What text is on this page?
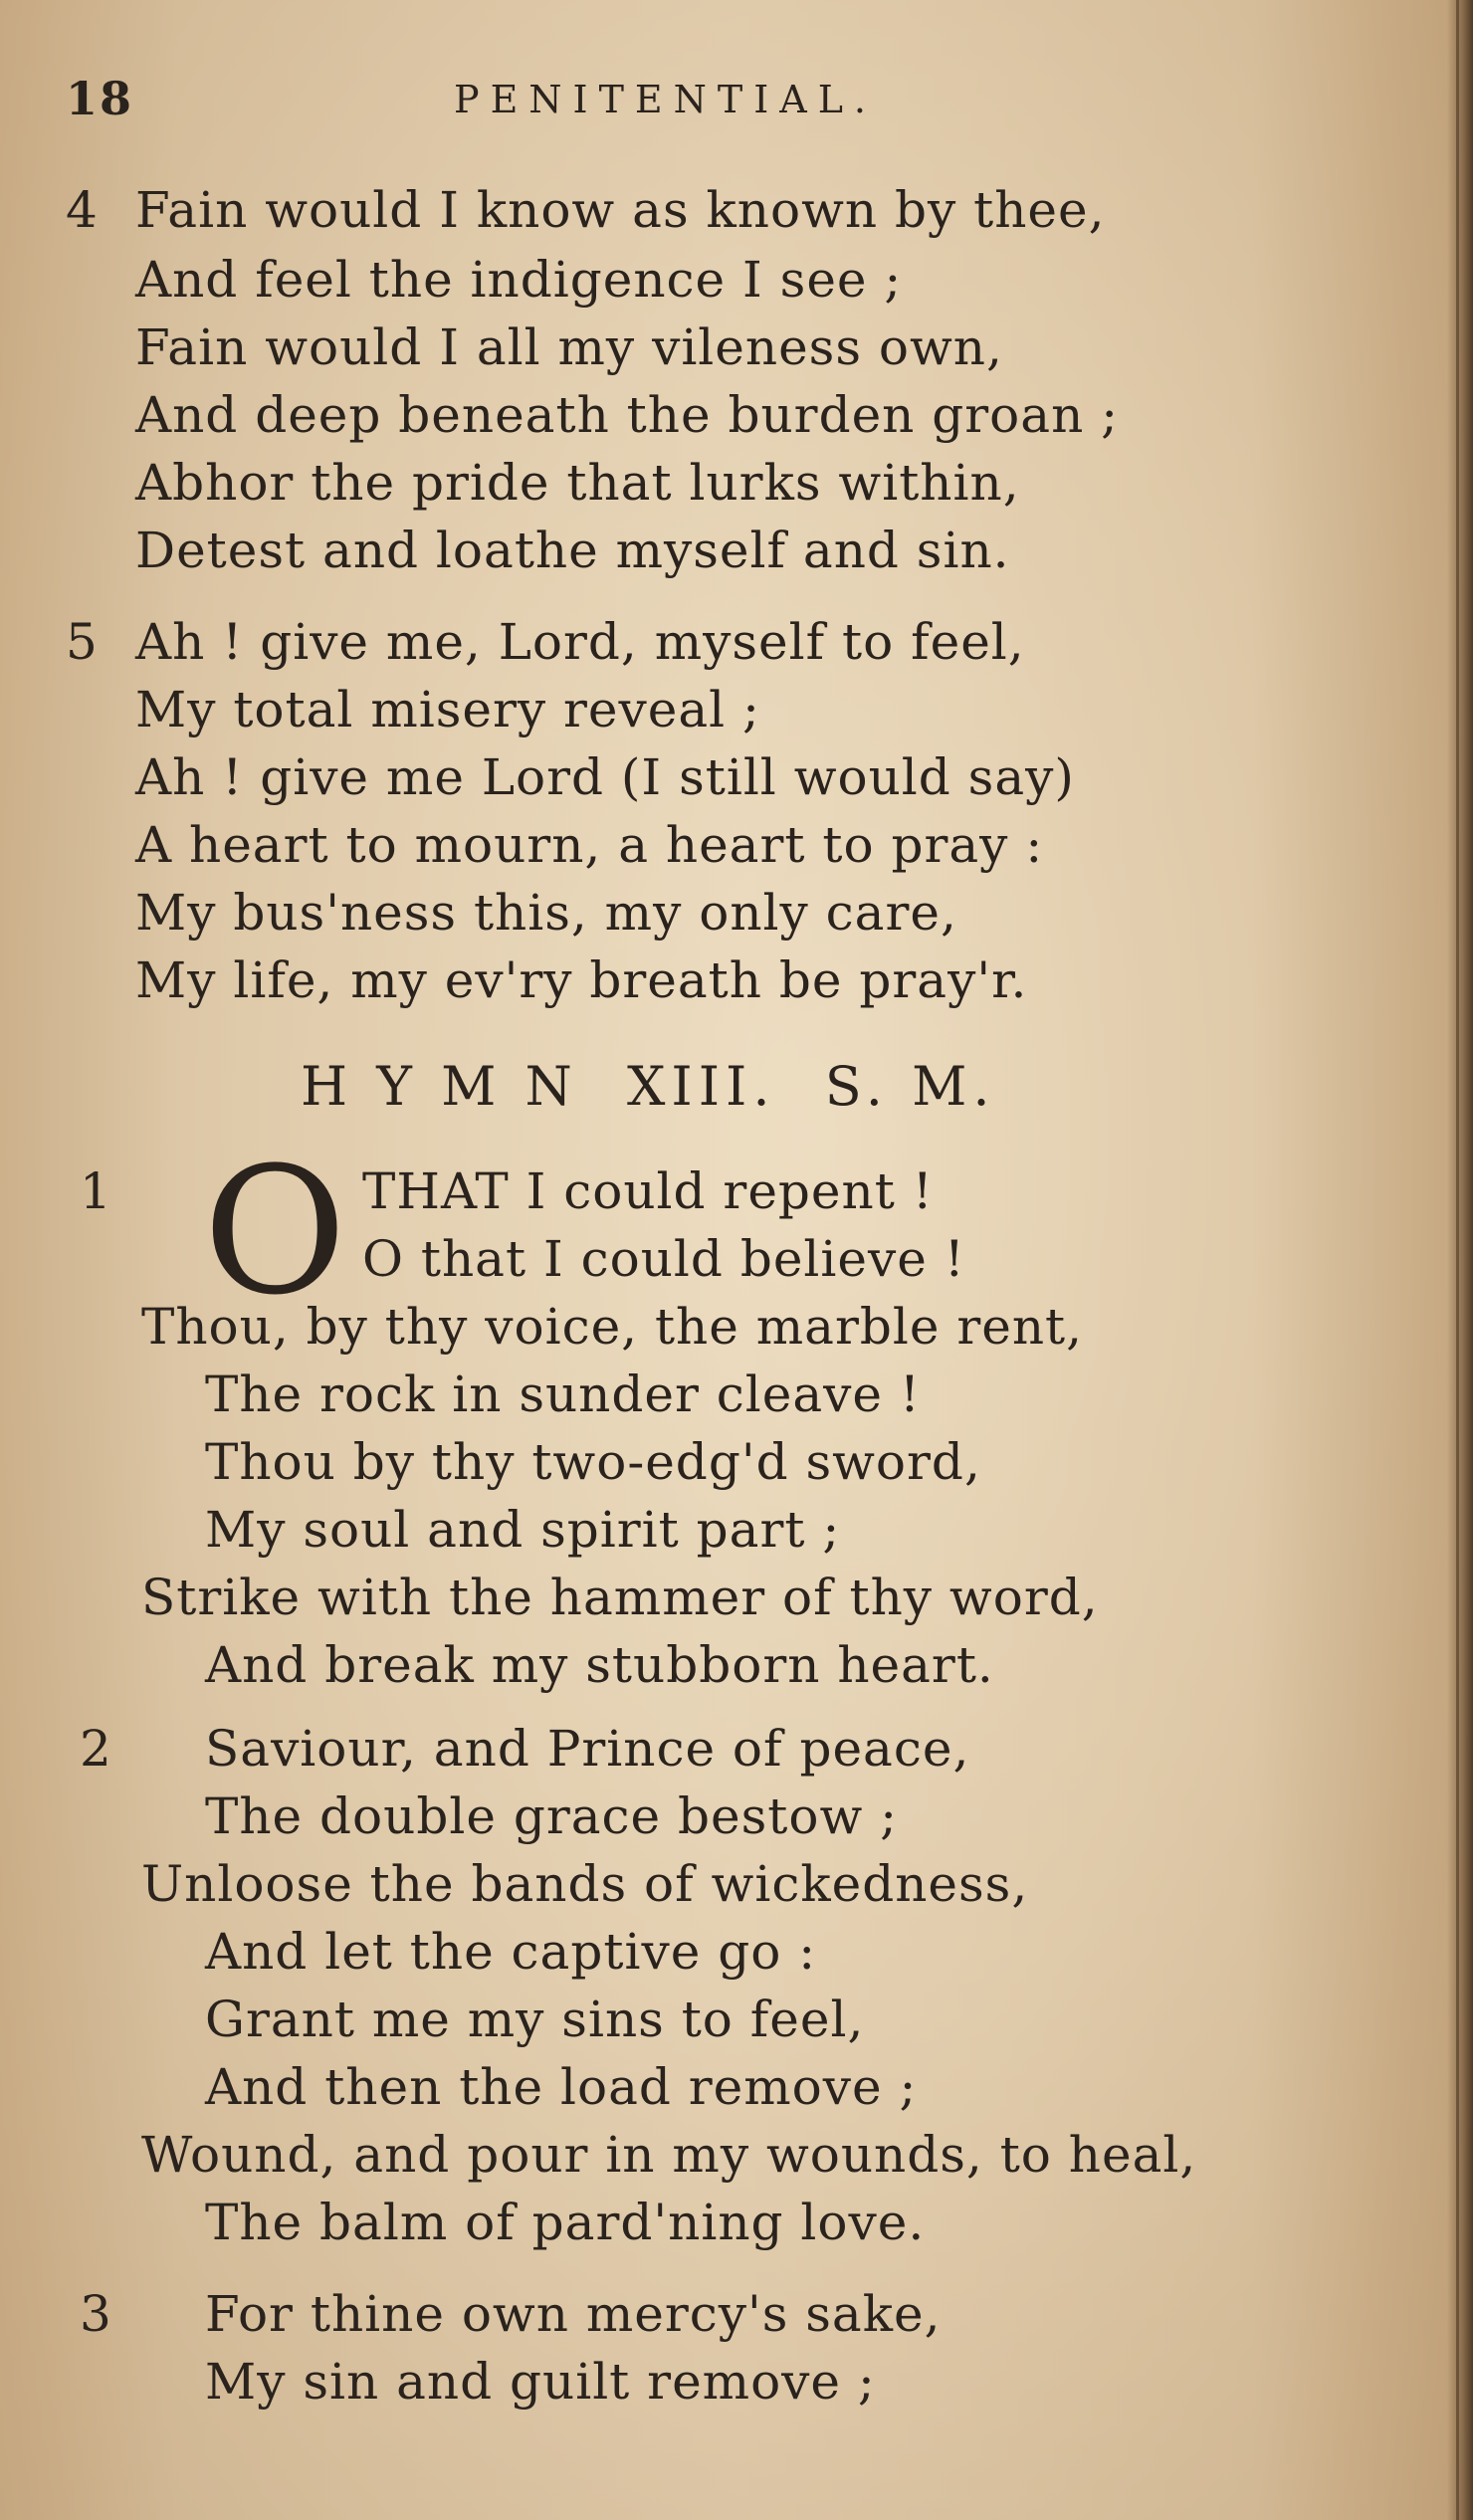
18	PENITENTIAL.
4 Fain would I know as known by thee,
And feel the indigence I see ;
Fain would I all my vileness own,
And deep beneath the burden groan ;
Abhor the pride that lurks within,
Detest and loathe myself and sin.
5 Ah ! give me, Lord, myself to feel,
My total misery reveal ;
Ah ! give me Lord (I still would say)
A heart to mourn, a heart to pray :
My bus'ness this, my only care,
My life, my ev'ry breath be pray'r.
H Y M N XIII. S. M.
1 O THAT I could repent !
O that I could believe !
Thou, by thy voice, the marble rent,
The rock in sunder cleave !
Thou by thy two-edg'd sword,
My soul and spirit part ;
Strike with the hammer of thy word,
And break my stubborn heart.
2 Saviour, and Prince of peace,
The double grace bestow ;
Unloose the bands of wickedness,
And let the captive go :
Grant me my sins to feel,
And then the load remove ;
Wound, and pour in my wounds, to heal,
The balm of pard'ning love.
3 For thine own mercy's sake,
My sin and guilt remove ;
